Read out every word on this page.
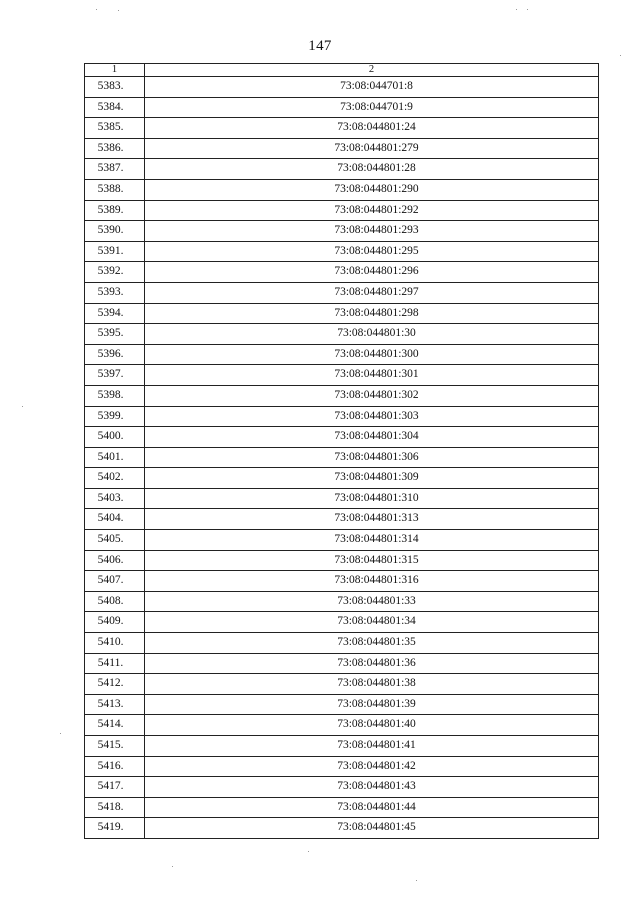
147
1	2
5383.	73:08:044701:8
5384.	73:08:044701:9
5385.	73:08:044801:24
5386.	73:08:044801:279
5387.	73:08:044801:28
5388.	73:08:044801:290
5389.	73:08:044801:292
5390.	73:08:044801:293
5391.	73:08:044801:295
5392.	73:08:044801:296
5393.	73:08:044801:297
5394.	73:08:044801:298
5395.	73:08:044801:30
5396.	73:08:044801:300
5397.	73:08:044801:301
5398.	73:08:044801:302
5399.	73:08:044801:303
5400.	73:08:044801:304
5401.	73:08:044801:306
5402.	73:08:044801:309
5403.	73:08:044801:310
5404.	73:08:044801:313
5405.	73:08:044801:314
5406.	73:08:044801:315
5407.	73:08:044801:316
5408.	73:08:044801:33
5409.	73:08:044801:34
5410.	73:08:044801:35
5411.	73:08:044801:36
5412.	73:08:044801:38
5413.	73:08:044801:39
5414.	73:08:044801:40
5415.	73:08:044801:41
5416.	73:08:044801:42
5417.	73:08:044801:43
5418.	73:08:044801:44
5419.	73:08:044801:45
